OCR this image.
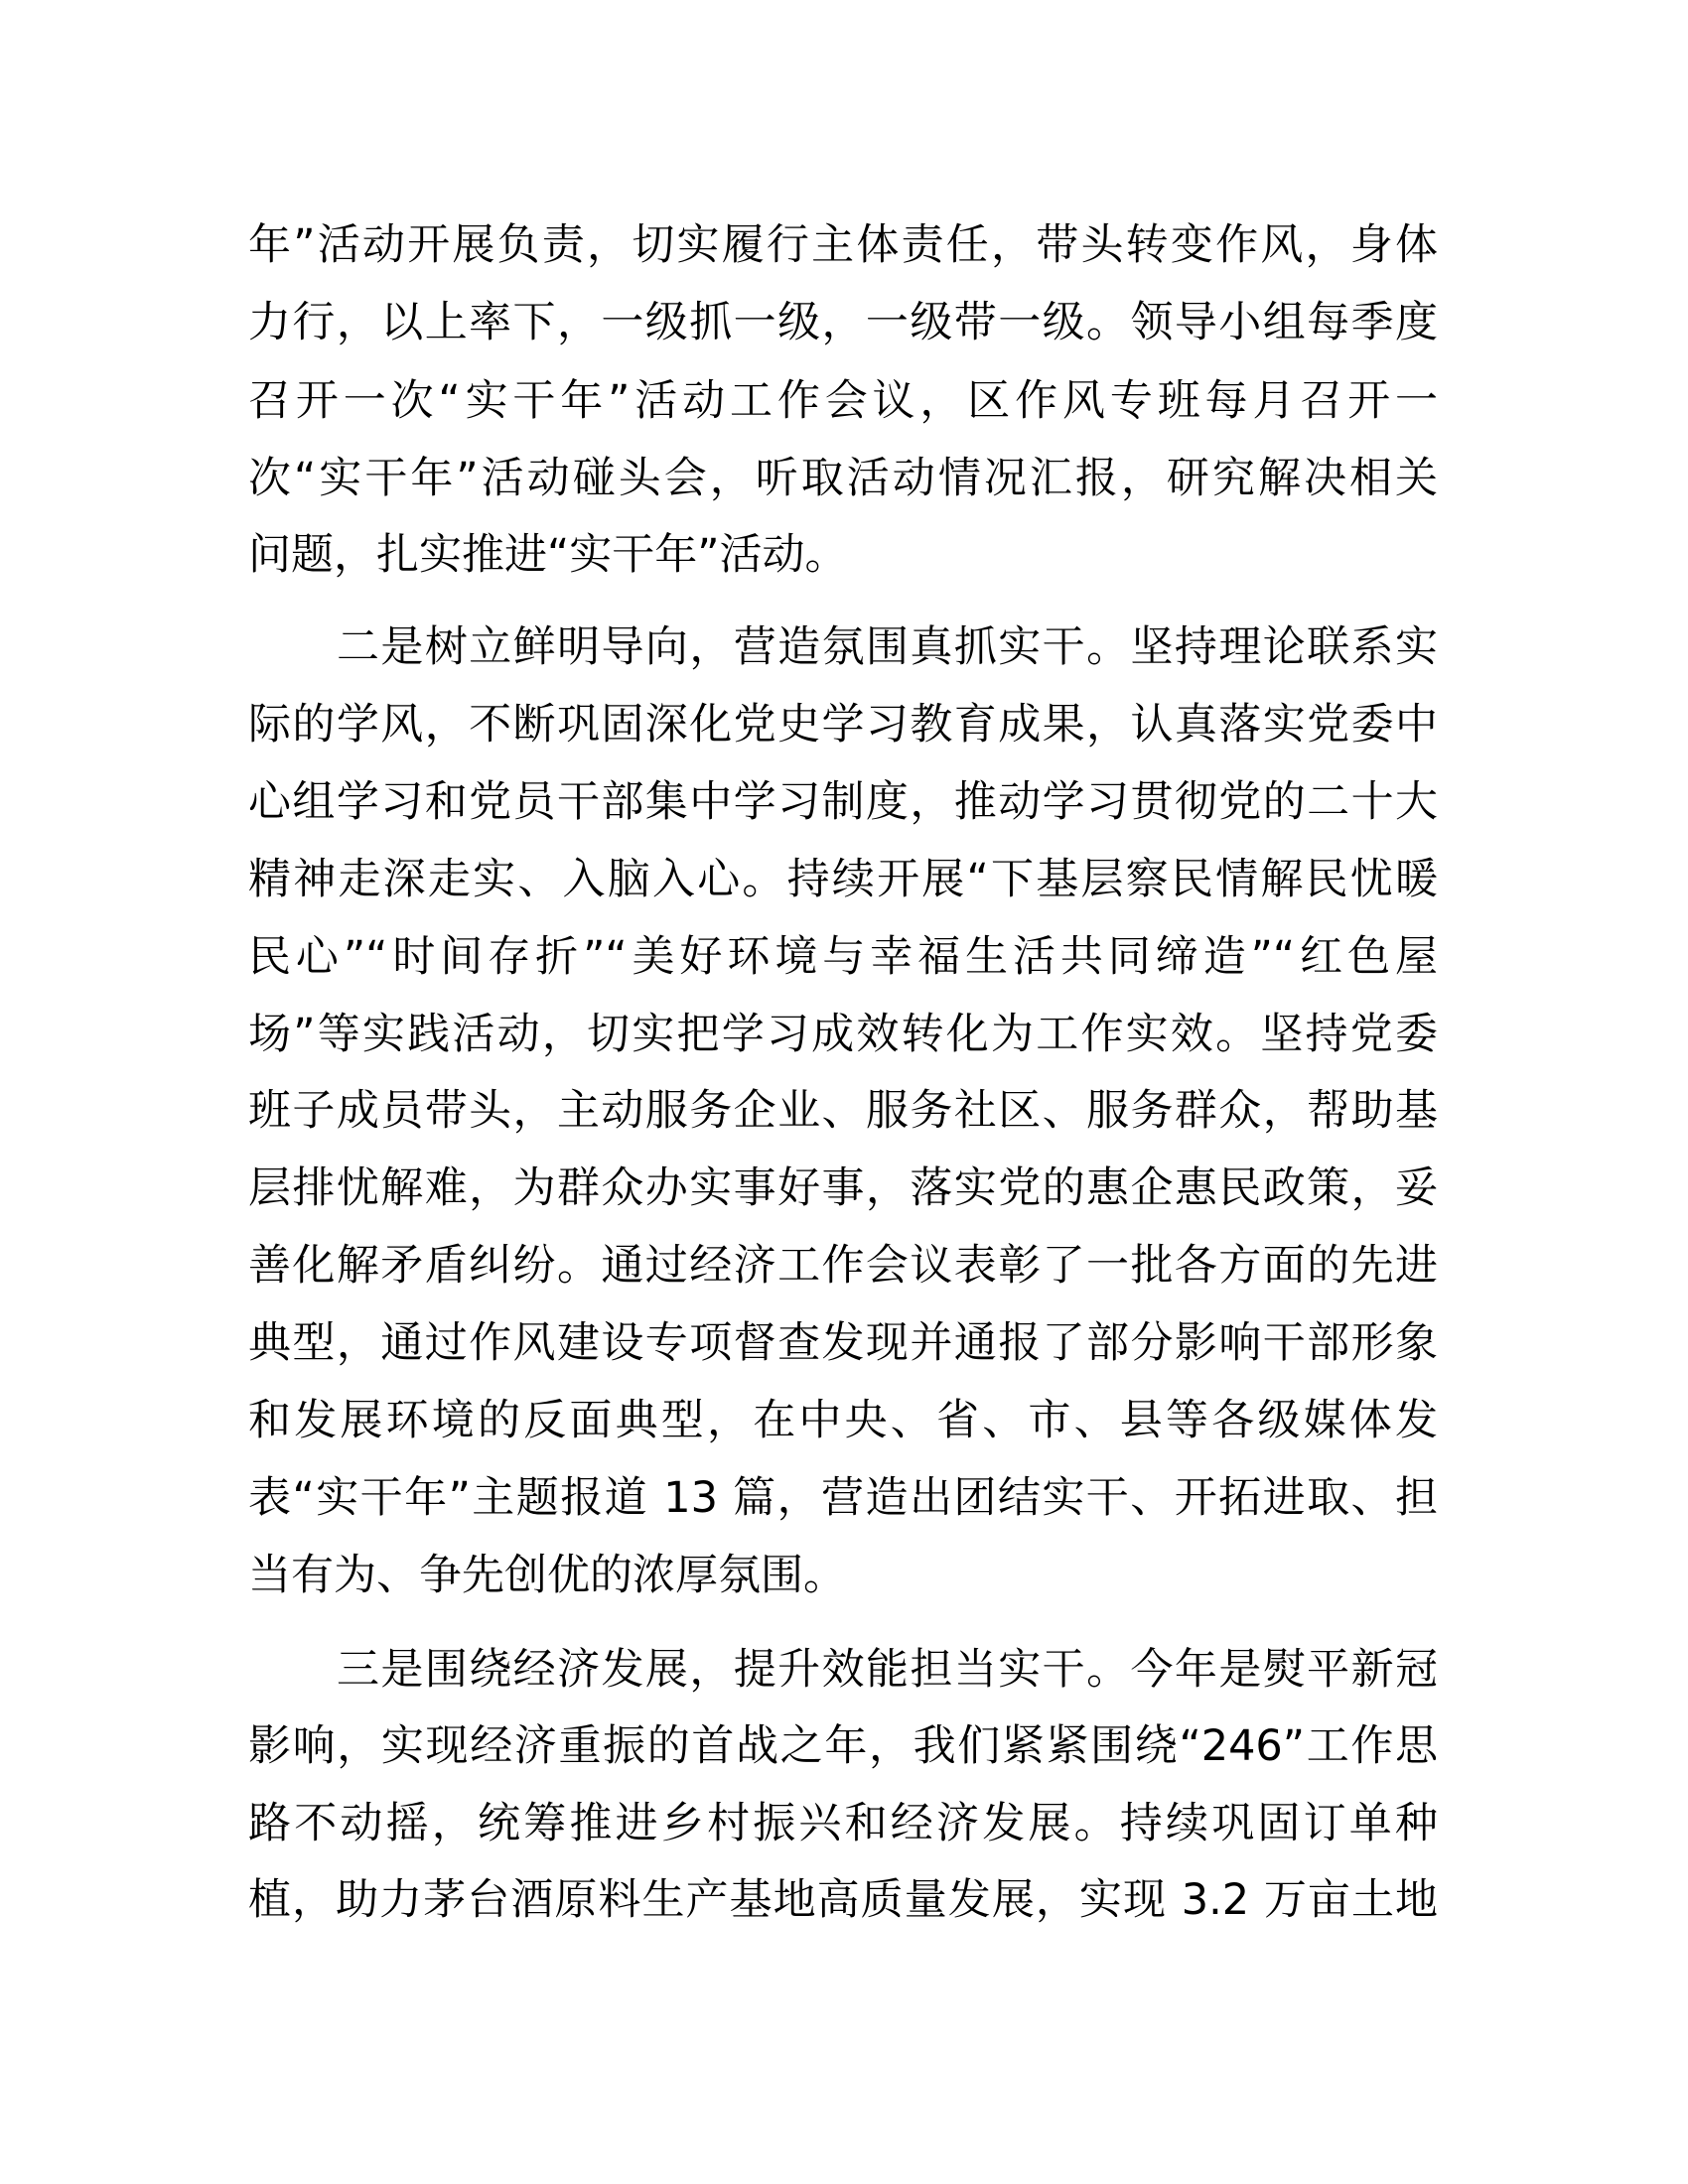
年”活动开展负责，切实履行主体责任，带头转变作风，身体
力行，以上率下，一级抓一级，一级带一级。领导小组每季度
召开一次“实干年”活动工作会议，区作风专班每月召开一
次“实干年”活动碰头会，听取活动情况汇报，研究解决相关
问题，扎实推进“实干年”活动。
二是树立鲜明导向，营造氛围真抓实干。坚持理论联系实
际的学风，不断巩固深化党史学习教育成果，认真落实党委中
心组学习和党员干部集中学习制度，推动学习贯彻党的二十大
精神走深走实、入脑入心。持续开展“下基层察民情解民忧暖
民心”“时间存折”“美好环境与幸福生活共同缔造”“红色屋
场”等实践活动，切实把学习成效转化为工作实效。坚持党委
班子成员带头，主动服务企业、服务社区、服务群众，帮助基
层排忧解难，为群众办实事好事，落实党的惠企惠民政策，妥
善化解矛盾纠纷。通过经济工作会议表彰了一批各方面的先进
典型，通过作风建设专项督查发现并通报了部分影响干部形象
和发展环境的反面典型，在中央、省、市、县等各级媒体发
表“实干年”主题报道 13 篇，营造出团结实干、开拓进取、担
当有为、争先创优的浓厚氛围。
三是围绕经济发展，提升效能担当实干。今年是熨平新冠
影响，实现经济重振的首战之年，我们紧紧围绕“246”工作思
路不动摇，统筹推进乡村振兴和经济发展。持续巩固订单种
植，助力茅台酒原料生产基地高质量发展，实现 3.2 万亩土地
